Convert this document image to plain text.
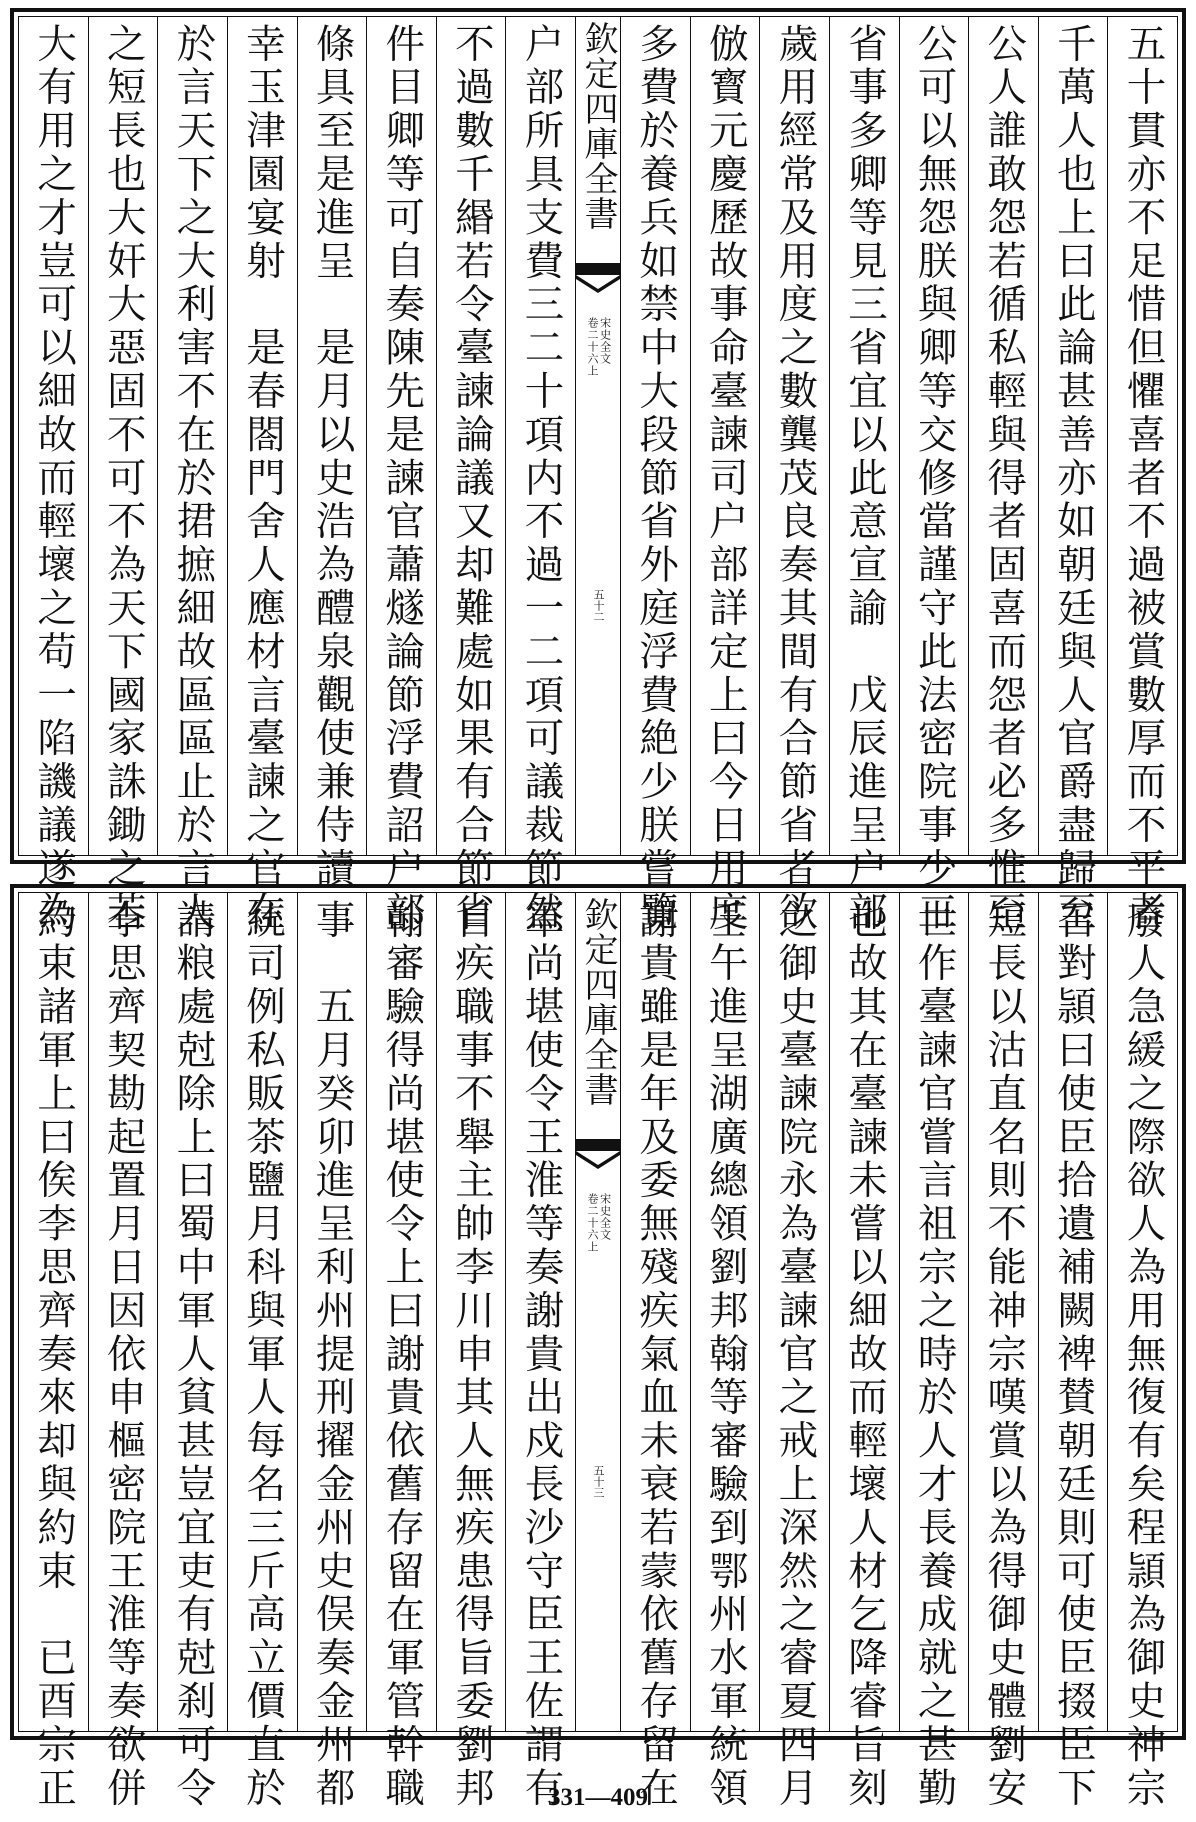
五十貫亦不足惜但懼喜者不過被賞數厚而不平者
千萬人也上曰此論甚善亦如朝廷與人官爵盡歸至
公人誰敢怨若循私輕與得者固喜而怨者必多惟至
公可以無怨朕與卿等交修當謹守此法密院事少三
省事多卿等見三省宜以此意宣諭　戊辰進呈户部
歲用經常及用度之數龔茂良奏其間有合節省者欲
倣寳元慶歷故事命臺諫司户部詳定上曰今日用度
多費於養兵如禁中大段節省外庭浮費絶少朕嘗覽
欽定四庫全書
宋史全文
卷二十六上
五十二
户部所具支費三二十項内不過一二項可議裁節然
不過數千緡若令臺諫論議又却難處如果有合節省
件目卿等可自奏陳先是諫官蕭燧論節浮費詔户部
條具至是進呈　是月以史浩為醴泉觀使兼侍讀
幸玉津園宴射　是春閤門舍人應材言臺諫之官在
於言天下之大利害不在於捃摭細故區區止於言人
之短長也大奸大惡固不可不為天下國家誅鋤之若
大有用之才豈可以細故而輕壞之苟一陷譏議遂為
廢人急緩之際欲人為用無復有矣程頴為御史神宗
召對頴曰使臣拾遺補闕裨賛朝廷則可使臣掇臣下
短長以沽直名則不能神宗嘆賞以為得御史體劉安
世作臺諫官嘗言祖宗之時於人才長養成就之甚勤
也故其在臺諫未嘗以細故而輕壞人材乞降睿旨刻
之御史臺諫院永為臺諫官之戒上深然之睿夏四月
壬午進呈湖廣總領劉邦翰等審驗到鄂州水軍統領
謝貴雖是年及委無殘疾氣血未衰若蒙依舊存留在
欽定四庫全書
宋史全文
卷二十六上
五十三
軍尚堪使令王淮等奏謝貴出戍長沙守臣王佐謂有
目疾職事不舉主帥李川申其人無疾患得旨委劉邦
翰審驗得尚堪使令上曰謝貴依舊存留在軍管幹職
事　五月癸卯進呈利州提刑擢金州史俣奏金州都
統司例私販茶鹽月科與軍人每名三斤高立價直於
請粮處尅除上曰蜀中軍人貧甚豈宜吏有尅刹可令
李思齊契勘起置月日因依申樞密院王淮等奏欲併
約束諸軍上曰俟李思齊奏來却與約束　已酉宗正	331—409
